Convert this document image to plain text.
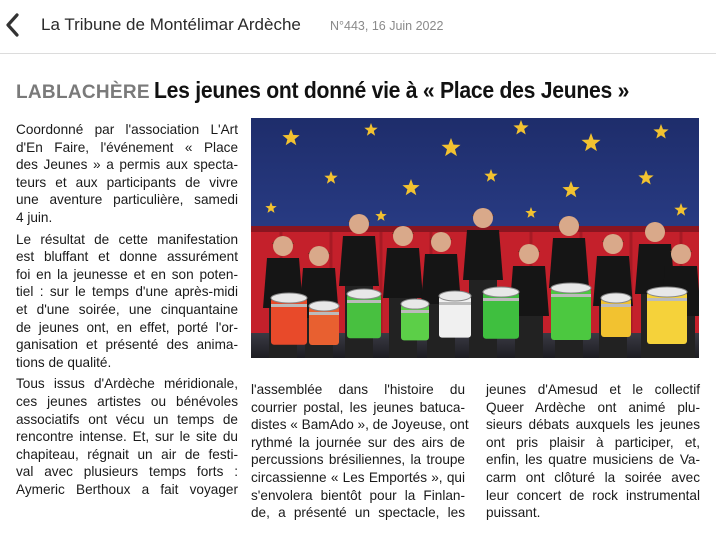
La Tribune de Montélimar Ardèche N°443, 16 Juin 2022
LABLACHÈRE Les jeunes ont donné vie à « Place des Jeunes »

Coordonné par l'association L'Art
d'En Faire, l'événement « Place
des Jeunes » a permis aux specta-
teurs et aux participants de vivre
une aventure particulière, samedi
4 juin.

Le résultat de cette manifestation
est bluffant et donne assurément
foi en la jeunesse et en son poten-
tiel : sur le temps d'une après-midi
et d'une soirée, une cinquantaine
de jeunes ont, en effet, porté l'or-
ganisation et présenté des anima-
tions de qualité.

Tous issus d'Ardèche méridionale,
ces jeunes artistes ou bénévoles
associatifs ont vécu un temps de
rencontre intense. Et, sur le site du
chapiteau, régnait un air de festi-
val avec plusieurs temps forts :
Aymeric Berthoux a fait voyager

l'assemblée dans l'histoire du
courrier postal, les jeunes batuca-
distes « BamAdo », de Joyeuse, ont
rythmé la journée sur des airs de
percussions brésiliennes, la troupe
circassienne « Les Emportés », qui
s'envolera bientôt pour la Finlan-
de, a présenté un spectacle, les
jeunes d'Amesud et le collectif
Queer Ardèche ont animé plu-
sieurs débats auxquels les jeunes
ont pris plaisir à participer, et,
enfin, les quatre musiciens de Va-
carm ont clôturé la soirée avec
leur concert de rock instrumental
puissant.
